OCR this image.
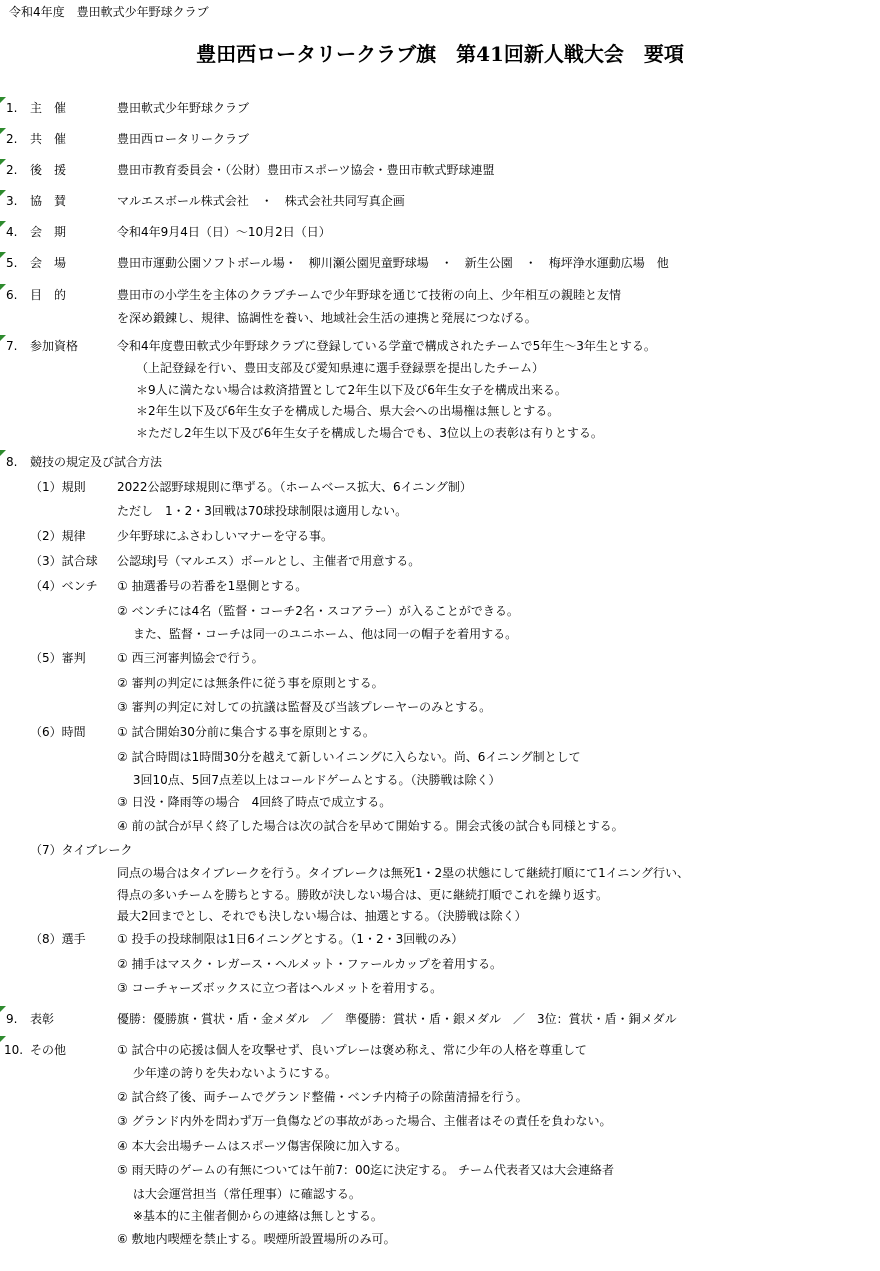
令和4年度　豊田軟式少年野球クラブ
豊田西ロータリークラブ旗　第41回新人戦大会　要項
1. 主　催	豊田軟式少年野球クラブ
2. 共　催	豊田西ロータリークラブ
2. 後　援	豊田市教育委員会・（公財）豊田市スポーツ協会・豊田市軟式野球連盟
3. 協　賛	マルエスボール株式会社　・　株式会社共同写真企画
4. 会　期	令和4年9月4日（日）～10月2日（日）
5. 会　場	豊田市運動公園ソフトボール場・　柳川瀬公園児童野球場　・　新生公園　・　梅坪浄水運動広場　他
6. 目　的	豊田市の小学生を主体のクラブチームで少年野球を通じて技術の向上、少年相互の親睦と友情
を深め鍛錬し、規律、協調性を養い、地域社会生活の連携と発展につなげる。
7. 参加資格	令和4年度豊田軟式少年野球クラブに登録している学童で構成されたチームで5年生～3年生とする。
（上記登録を行い、豊田支部及び愛知県連に選手登録票を提出したチーム）
＊9人に満たない場合は救済措置として2年生以下及び6年生女子を構成出来る。
＊2年生以下及び6年生女子を構成した場合、県大会への出場権は無しとする。
＊ただし2年生以下及び6年生女子を構成した場合でも、3位以上の表彰は有りとする。
8. 競技の規定及び試合方法
（1）規則	2022公認野球規則に準ずる。（ホームベース拡大、6イニング制）
ただし　1・2・3回戦は70球投球制限は適用しない。
（2）規律	少年野球にふさわしいマナーを守る事。
（3）試合球 公認球J号（マルエス）ボールとし、主催者で用意する。
（4）ベンチ ① 抽選番号の若番を1塁側とする。
② ベンチには4名（監督・コーチ2名・スコアラー）が入ることができる。
　 また、監督・コーチは同一のユニホーム、他は同一の帽子を着用する。
（5）審判	① 西三河審判協会で行う。
② 審判の判定には無条件に従う事を原則とする。
③ 審判の判定に対しての抗議は監督及び当該プレーヤーのみとする。
（6）時間	① 試合開始30分前に集合する事を原則とする。
② 試合時間は1時間30分を越えて新しいイニングに入らない。尚、6イニング制として
　 3回10点、5回7点差以上はコールドゲームとする。（決勝戦は除く）
③ 日没・降雨等の場合　4回終了時点で成立する。
④ 前の試合が早く終了した場合は次の試合を早めて開始する。開会式後の試合も同様とする。
（7）タイブレーク
同点の場合はタイブレークを行う。タイブレークは無死1・2塁の状態にして継続打順にて1イニング行い、
得点の多いチームを勝ちとする。勝敗が決しない場合は、更に継続打順でこれを繰り返す。
最大2回までとし、それでも決しない場合は、抽選とする。（決勝戦は除く）
（8）選手	① 投手の投球制限は1日6イニングとする。（1・2・3回戦のみ）
② 捕手はマスク・レガース・ヘルメット・ファールカップを着用する。
③ コーチャーズボックスに立つ者はヘルメットを着用する。
9. 表彰	優勝：優勝旗・賞状・盾・金メダル　／　準優勝：賞状・盾・銀メダル　／　3位：賞状・盾・銅メダル
10. その他	① 試合中の応援は個人を攻撃せず、良いプレーは褒め称え、常に少年の人格を尊重して
　 少年達の誇りを失わないようにする。
② 試合終了後、両チームでグランド整備・ベンチ内椅子の除菌清掃を行う。
③ グランド内外を問わず万一負傷などの事故があった場合、主催者はその責任を負わない。
④ 本大会出場チームはスポーツ傷害保険に加入する。
⑤ 雨天時のゲームの有無については午前7：00迄に決定する。 チーム代表者又は大会連絡者
　 は大会運営担当（常任理事）に確認する。
　 ※基本的に主催者側からの連絡は無しとする。
⑥ 敷地内喫煙を禁止する。喫煙所設置場所のみ可。
